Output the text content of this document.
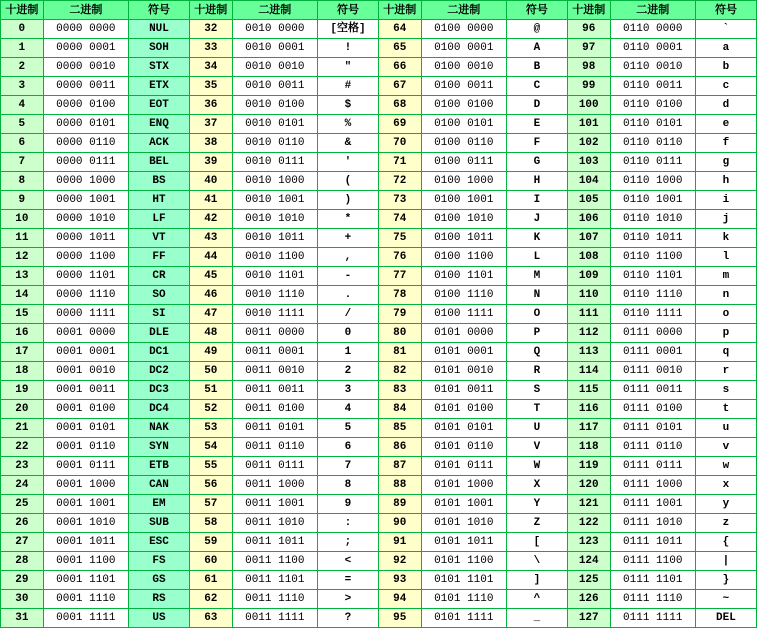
十进制	二进制	符号	十进制	二进制	符号	十进制	二进制	符号	十进制	二进制	符号
0	0000 0000	NUL	32	0010 0000	[空格]	64	0100 0000	@	96	0110 0000	`
1	0000 0001	SOH	33	0010 0001	!	65	0100 0001	A	97	0110 0001	a
2	0000 0010	STX	34	0010 0010	"	66	0100 0010	B	98	0110 0010	b
3	0000 0011	ETX	35	0010 0011	#	67	0100 0011	C	99	0110 0011	c
4	0000 0100	EOT	36	0010 0100	$	68	0100 0100	D	100	0110 0100	d
5	0000 0101	ENQ	37	0010 0101	%	69	0100 0101	E	101	0110 0101	e
6	0000 0110	ACK	38	0010 0110	&	70	0100 0110	F	102	0110 0110	f
7	0000 0111	BEL	39	0010 0111	'	71	0100 0111	G	103	0110 0111	g
8	0000 1000	BS	40	0010 1000	(	72	0100 1000	H	104	0110 1000	h
9	0000 1001	HT	41	0010 1001	)	73	0100 1001	I	105	0110 1001	i
10	0000 1010	LF	42	0010 1010	*	74	0100 1010	J	106	0110 1010	j
11	0000 1011	VT	43	0010 1011	+	75	0100 1011	K	107	0110 1011	k
12	0000 1100	FF	44	0010 1100	,	76	0100 1100	L	108	0110 1100	l
13	0000 1101	CR	45	0010 1101	-	77	0100 1101	M	109	0110 1101	m
14	0000 1110	SO	46	0010 1110	.	78	0100 1110	N	110	0110 1110	n
15	0000 1111	SI	47	0010 1111	/	79	0100 1111	O	111	0110 1111	o
16	0001 0000	DLE	48	0011 0000	0	80	0101 0000	P	112	0111 0000	p
17	0001 0001	DC1	49	0011 0001	1	81	0101 0001	Q	113	0111 0001	q
18	0001 0010	DC2	50	0011 0010	2	82	0101 0010	R	114	0111 0010	r
19	0001 0011	DC3	51	0011 0011	3	83	0101 0011	S	115	0111 0011	s
20	0001 0100	DC4	52	0011 0100	4	84	0101 0100	T	116	0111 0100	t
21	0001 0101	NAK	53	0011 0101	5	85	0101 0101	U	117	0111 0101	u
22	0001 0110	SYN	54	0011 0110	6	86	0101 0110	V	118	0111 0110	v
23	0001 0111	ETB	55	0011 0111	7	87	0101 0111	W	119	0111 0111	w
24	0001 1000	CAN	56	0011 1000	8	88	0101 1000	X	120	0111 1000	x
25	0001 1001	EM	57	0011 1001	9	89	0101 1001	Y	121	0111 1001	y
26	0001 1010	SUB	58	0011 1010	:	90	0101 1010	Z	122	0111 1010	z
27	0001 1011	ESC	59	0011 1011	;	91	0101 1011	[	123	0111 1011	{
28	0001 1100	FS	60	0011 1100	<	92	0101 1100	\	124	0111 1100	|
29	0001 1101	GS	61	0011 1101	=	93	0101 1101	]	125	0111 1101	}
30	0001 1110	RS	62	0011 1110	>	94	0101 1110	^	126	0111 1110	~
31	0001 1111	US	63	0011 1111	?	95	0101 1111	_	127	0111 1111	DEL
